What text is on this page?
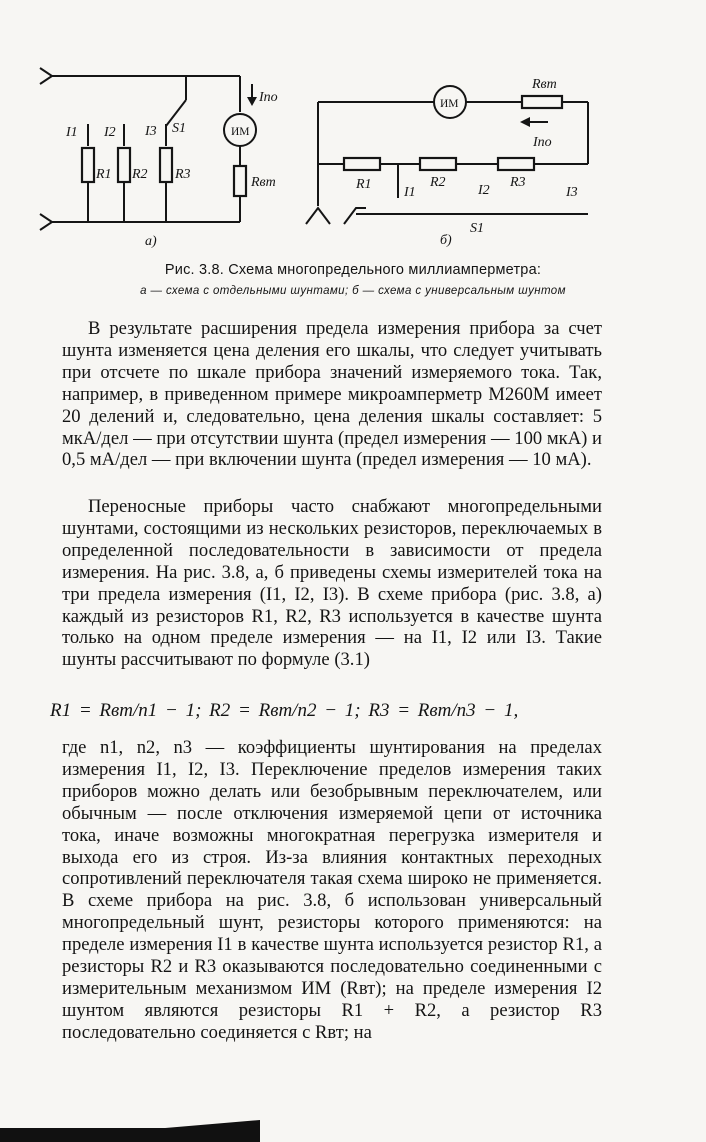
Iпо
ИМ
Rвт
I1 I2 I3 S1
R1 R2 R3
а)
ИМ
Rвт
Iпо
R1	R2	R3
I1	I2	I3
S1
б)
Рис. 3.8. Схема многопредельного миллиамперметра:
а — схема с отдельными шунтами; б — схема с универсальным шунтом

В результате расширения предела измерения прибора за счет шунта изменяется цена деления его шкалы, что следует учитывать при отсчете по шкале прибора значений измеряемого тока. Так, например, в приведенном примере микроамперметр М260М имеет 20 делений и, следовательно, цена деления шкалы составляет: 5 мкА/дел — при отсутствии шунта (предел измерения — 100 мкА) и 0,5 мА/дел — при включении шунта (предел измерения — 10 мА).

Переносные приборы часто снабжают многопредельными шунтами, состоящими из нескольких резисторов, переключаемых в определенной последовательности в зависимости от предела измерения. На рис. 3.8, а, б приведены схемы измерителей тока на три предела измерения (I1, I2, I3). В схеме прибора (рис. 3.8, а) каждый из резисторов R1, R2, R3 используется в качестве шунта только на одном пределе измерения — на I1, I2 или I3. Такие шунты рассчитывают по формуле (3.1)

R1 = Rвт/n1 − 1; R2 = Rвт/n2 − 1; R3 = Rвт/n3 − 1,

где n1, n2, n3 — коэффициенты шунтирования на пределах измерения I1, I2, I3. Переключение пределов измерения таких приборов можно делать или безобрывным переключателем, или обычным — после отключения измеряемой цепи от источника тока, иначе возможны многократная перегрузка измерителя и выхода его из строя. Из-за влияния контактных переходных сопротивлений переключателя такая схема широко не применяется. В схеме прибора на рис. 3.8, б использован универсальный многопредельный шунт, резисторы которого применяются: на пределе измерения I1 в качестве шунта используется резистор R1, а резисторы R2 и R3 оказываются последовательно соединенными с измерительным механизмом ИМ (Rвт); на пределе измерения I2 шунтом являются резисторы R1 + R2, а резистор R3 последовательно соединяется с Rвт; на
